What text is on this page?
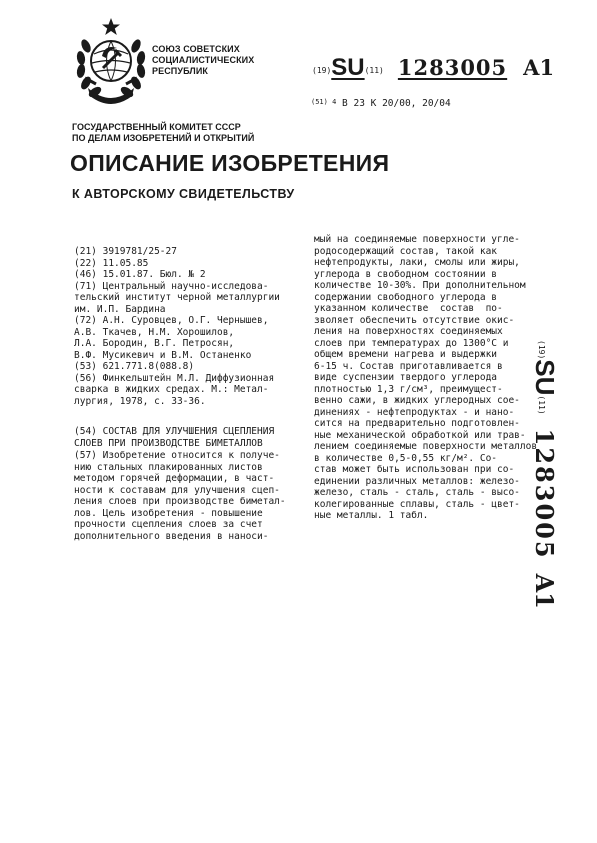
СОЮЗ СОВЕТСКИХ
СОЦИАЛИСТИЧЕСКИХ
РЕСПУБЛИК	(19)SU(11) 1283005 A1
$^{(51) 4}$ В 23 К 20/00, 20/04
ГОСУДАРСТВЕННЫЙ КОМИТЕТ СССР
ПО ДЕЛАМ ИЗОБРЕТЕНИЙ И ОТКРЫТИЙ
ОПИСАНИЕ ИЗОБРЕТЕНИЯ
К АВТОРСКОМУ СВИДЕТЕЛЬСТВУ
(21) 3919781/25-27
(22) 11.05.85
(46) 15.01.87. Бюл. № 2
(71) Центральный научно-исследова-
тельский институт черной металлургии
им. И.П. Бардина
(72) А.Н. Суровцев, О.Г. Чернышев,
А.В. Ткачев, Н.М. Хорошилов,
Л.А. Бородин, В.Г. Петросян,
В.Ф. Мусикевич и В.М. Останенко
(53) 621.771.8(088.8)
(56) Финкельштейн М.Л. Диффузионная
сварка в жидких средах. М.: Метал-
лургия, 1978, с. 33-36.
(54) СОСТАВ ДЛЯ УЛУЧШЕНИЯ СЦЕПЛЕНИЯ
СЛОЕВ ПРИ ПРОИЗВОДСТВЕ БИМЕТАЛЛОВ
(57) Изобретение относится к получе-
нию стальных плакированных листов
методом горячей деформации, в част-
ности к составам для улучшения сцеп-
ления слоев при производстве биметал-
лов. Цель изобретения - повышение
прочности сцепления слоев за счет
дополнительного введения в наноси-
мый на соединяемые поверхности угле-
родосодержащий состав, такой как
нефтепродукты, лаки, смолы или жиры,
углерода в свободном состоянии в
количестве 10-30%. При дополнительном
содержании свободного углерода в
указанном количестве  состав  по-
зволяет обеспечить отсутствие окис-
ления на поверхностях соединяемых
слоев при температурах до 1300°С и
общем времени нагрева и выдержки
6-15 ч. Состав приготавливается в
виде суспензии твердого углерода
плотностью 1,3 г/см³, преимущест-
венно сажи, в жидких углеродных сое-
динениях - нефтепродуктах - и нано-
сится на предварительно подготовлен-
ные механической обработкой или трав-
лением соединяемые поверхности металлов
в количестве 0,5-0,55 кг/м². Со-
став может быть использован при со-
единении различных металлов: железо-
железо, сталь - сталь, сталь - высо-
колегированные сплавы, сталь - цвет-
ные металлы. 1 табл.
(19)SU(11)1283005A1
